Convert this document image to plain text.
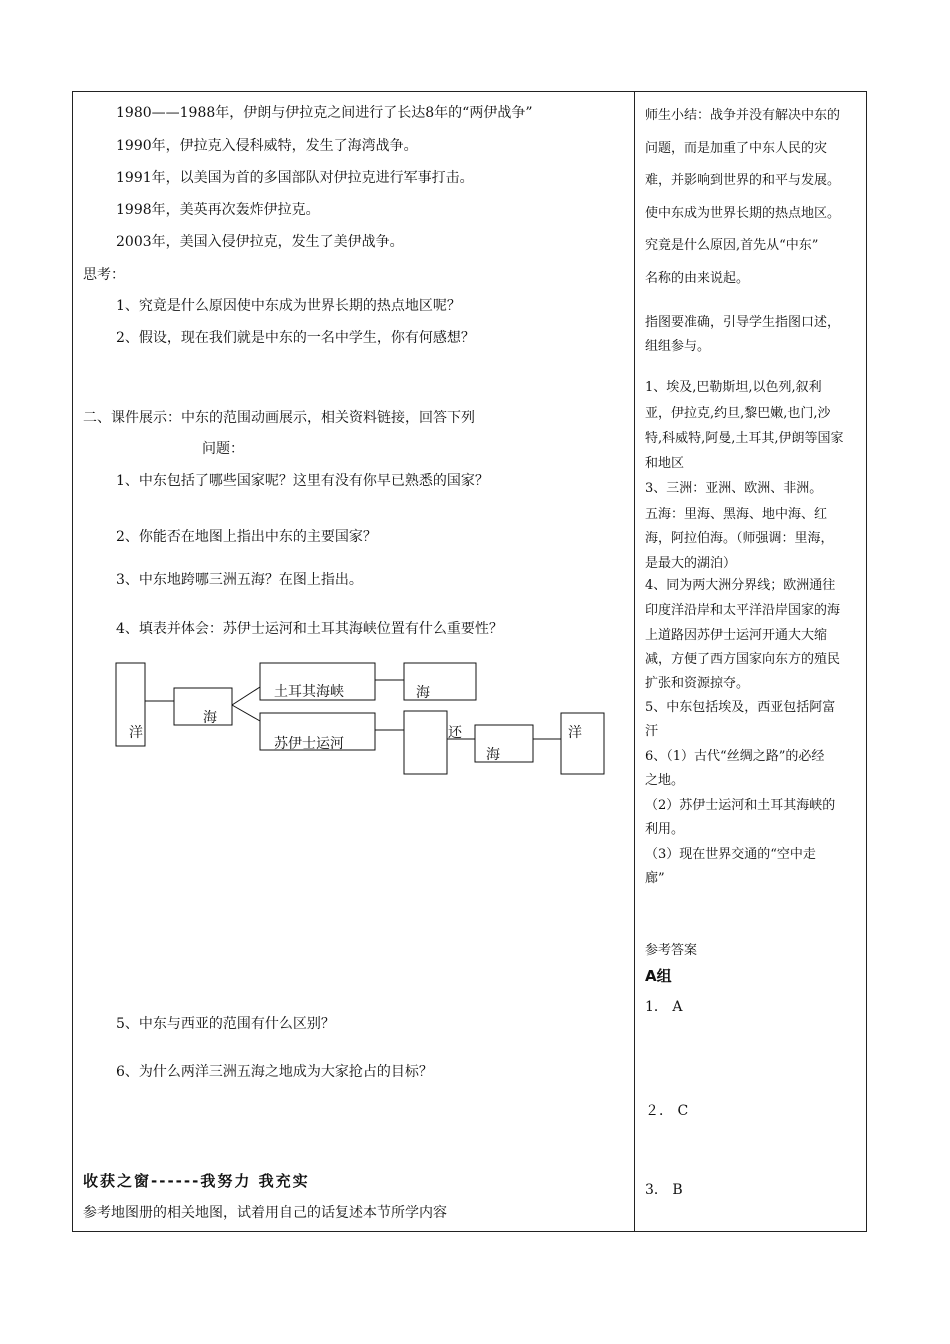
1980——1988年，伊朗与伊拉克之间进行了长达8年的“两伊战争”
1990年，伊拉克入侵科威特，发生了海湾战争。
1991年，以美国为首的多国部队对伊拉克进行军事打击。
1998年，美英再次轰炸伊拉克。
2003年，美国入侵伊拉克，发生了美伊战争。
思考：
1、究竟是什么原因使中东成为世界长期的热点地区呢？
2、假设，现在我们就是中东的一名中学生，你有何感想？
二、课件展示：中东的范围动画展示，相关资料链接，回答下列
问题：
1、中东包括了哪些国家呢？这里有没有你早已熟悉的国家？
2、你能否在地图上指出中东的主要国家？
3、中东地跨哪三洲五海？在图上指出。
4、填表并体会：苏伊士运河和土耳其海峡位置有什么重要性？
洋
海
土耳其海峡	海
苏伊士运河
还
海
洋
5、中东与西亚的范围有什么区别？
6、为什么两洋三洲五海之地成为大家抢占的目标？
收获之窗------我努力 我充实
参考地图册的相关地图，试着用自己的话复述本节所学内容
师生小结：战争并没有解决中东的
问题，而是加重了中东人民的灾
难，并影响到世界的和平与发展。
使中东成为世界长期的热点地区。
究竟是什么原因,首先从“中东”
名称的由来说起。
指图要准确，引导学生指图口述，
组组参与。
1、埃及,巴勒斯坦,以色列,叙利
亚，伊拉克,约旦,黎巴嫩,也门,沙
特,科威特,阿曼,土耳其,伊朗等国家
和地区
3、三洲：亚洲、欧洲、非洲。
五海：里海、黑海、地中海、红
海，阿拉伯海。（师强调：里海，
是最大的湖泊）
4、同为两大洲分界线；欧洲通往
印度洋沿岸和太平洋沿岸国家的海
上道路因苏伊士运河开通大大缩
减，方便了西方国家向东方的殖民
扩张和资源掠夺。
5、中东包括埃及，西亚包括阿富
汗
6、（1）古代“丝绸之路”的必经
之地。
（2）苏伊士运河和土耳其海峡的
利用。
（3）现在世界交通的“空中走
廊”
参考答案
A组
1． A
２． C
3． B
